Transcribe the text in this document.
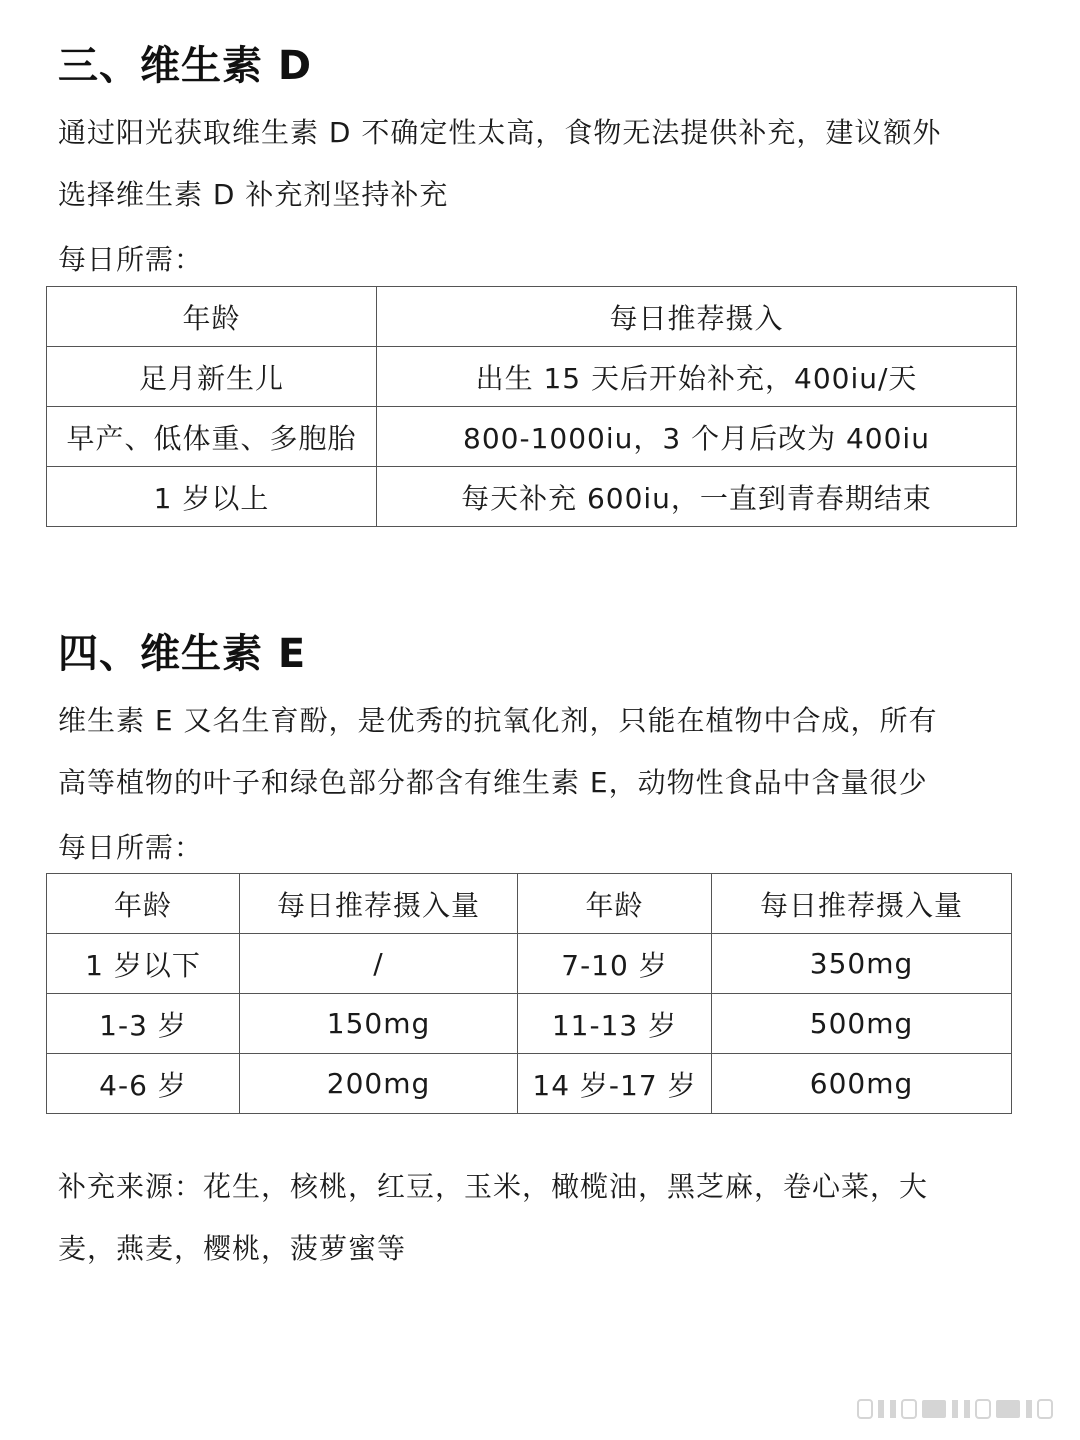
三、维生素 D

通过阳光获取维生素 D 不确定性太高，食物无法提供补充，建议额外
选择维生素 D 补充剂坚持补充

每日所需：

年龄	每日推荐摄入
足月新生儿	出生 15 天后开始补充，400iu/天
早产、低体重、多胞胎	800-1000iu，3 个月后改为 400iu
1 岁以上	每天补充 600iu，一直到青春期结束
四、维生素 E

维生素 E 又名生育酚，是优秀的抗氧化剂，只能在植物中合成，所有
高等植物的叶子和绿色部分都含有维生素 E，动物性食品中含量很少

每日所需：

年龄	每日推荐摄入量	年龄	每日推荐摄入量
1 岁以下	/	7-10 岁	350mg
1-3 岁	150mg	11-13 岁	500mg
4-6 岁	200mg	14 岁-17 岁	600mg

补充来源：花生，核桃，红豆，玉米，橄榄油，黑芝麻，卷心菜，大
麦，燕麦，樱桃，菠萝蜜等
